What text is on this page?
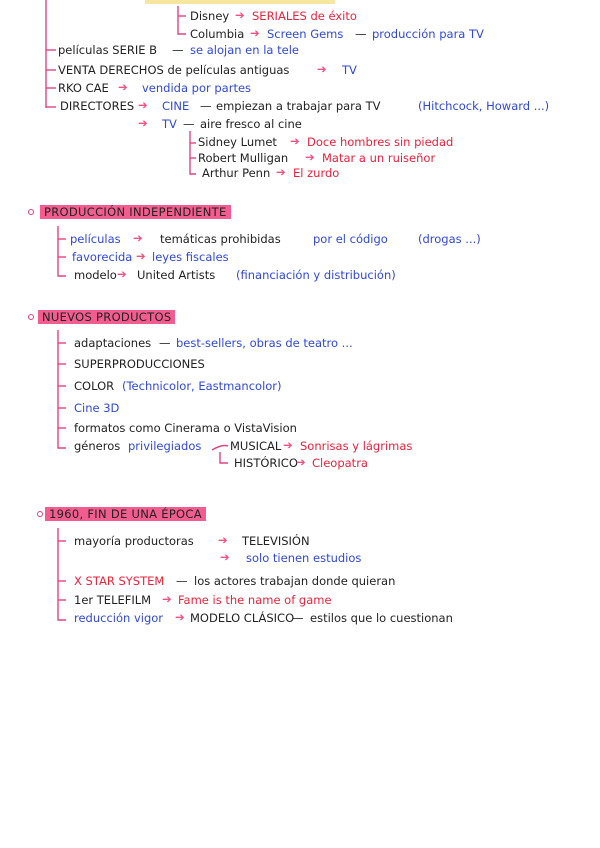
Disney ➔ SERIALES de éxito
Columbia ➔ Screen Gems — producción para TV
películas SERIE B — se alojan en la tele
VENTA DERECHOS de películas antiguas ➔ TV
RKO CAE ➔ vendida por partes
DIRECTORES ➔ CINE — empiezan a trabajar para TV	(Hitchcock, Howard ...)
➔ TV — aire fresco al cine
Sidney Lumet ➔ Doce hombres sin piedad
Robert Mulligan ➔ Matar a un ruiseñor
Arthur Penn ➔ El zurdo
PRODUCCIÓN INDEPENDIENTE
películas ➔ temáticas prohibidas	por el código	(drogas ...)
favorecida ➔ leyes fiscales
modelo ➔ United Artists (financiación y distribución)
NUEVOS PRODUCTOS
adaptaciones — best-sellers, obras de teatro ...
SUPERPRODUCCIONES
COLOR (Technicolor, Eastmancolor)
Cine 3D
formatos como Cinerama o VistaVision
géneros privilegiados MUSICAL ➔ Sonrisas y lágrimas
HISTÓRICO
➔ Cleopatra
1960, FIN DE UNA ÉPOCA
mayoría productoras ➔ TELEVISIÓN
➔ solo tienen estudios
X STAR SYSTEM — los actores trabajan donde quieran
1er TELEFILM ➔ Fame is the name of game
reducción vigor ➔ MODELO CLÁSICO
— estilos que lo cuestionan
